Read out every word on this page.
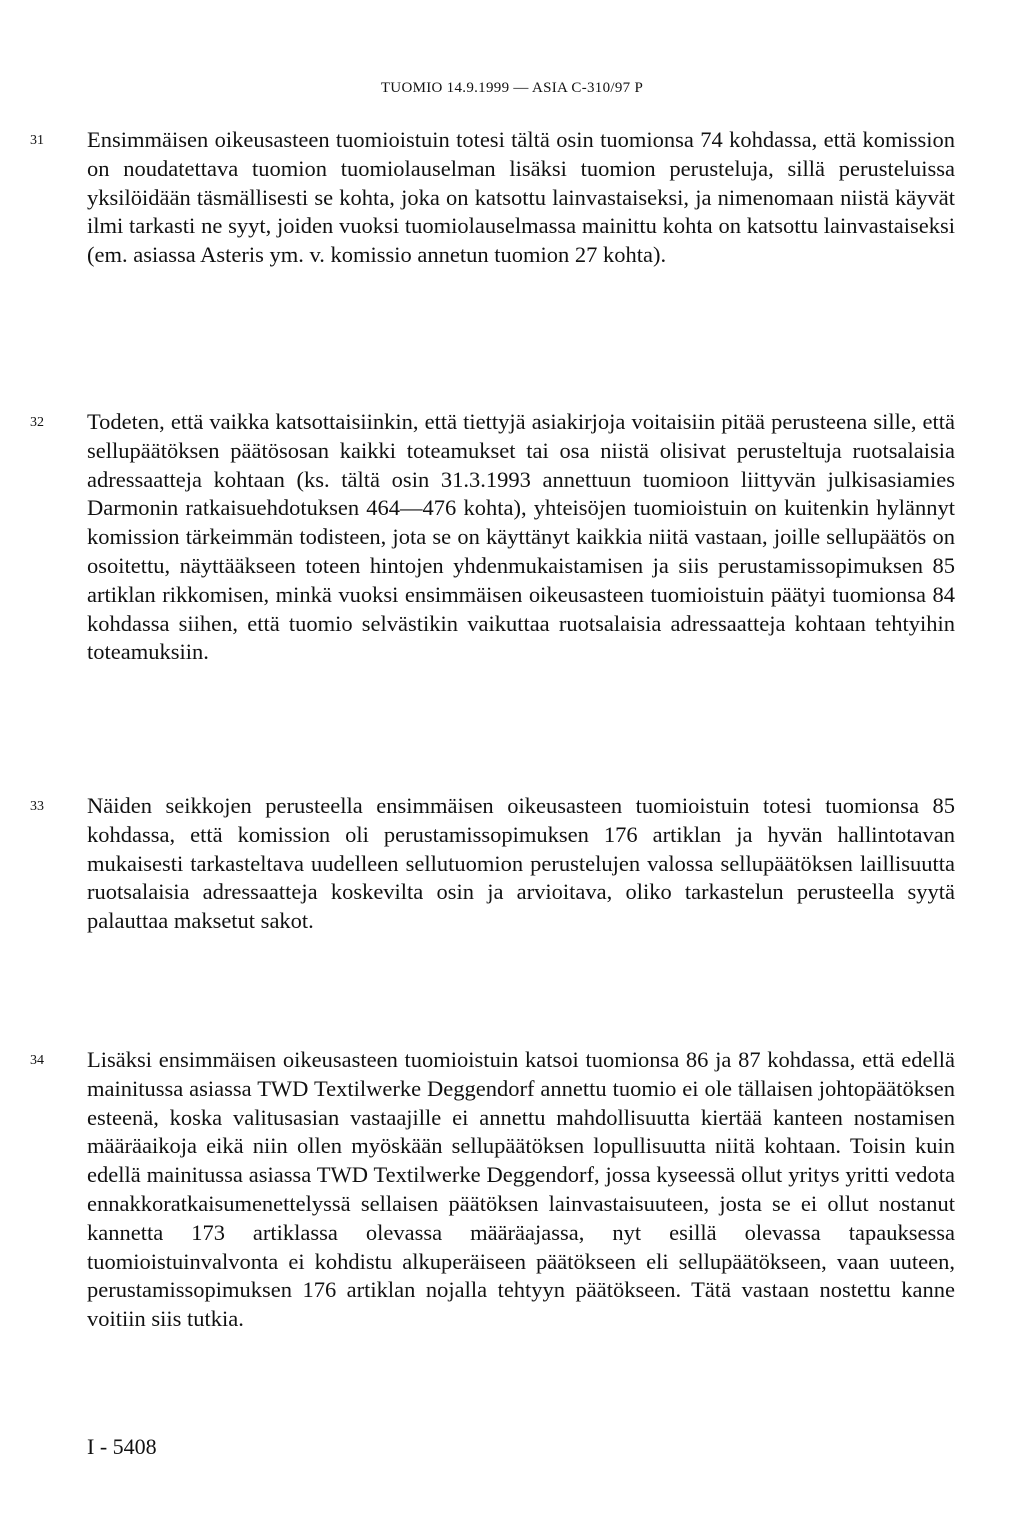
TUOMIO 14.9.1999 — ASIA C-310/97 P
31 Ensimmäisen oikeusasteen tuomioistuin totesi tältä osin tuomionsa 74 kohdassa, että komission on noudatettava tuomion tuomiolauselman lisäksi tuomion perusteluja, sillä perusteluissa yksilöidään täsmällisesti se kohta, joka on katsottu lainvastaiseksi, ja nimenomaan niistä käyvät ilmi tarkasti ne syyt, joiden vuoksi tuomiolauselmassa mainittu kohta on katsottu lainvastaiseksi (em. asiassa Asteris ym. v. komissio annetun tuomion 27 kohta).
32 Todeten, että vaikka katsottaisiinkin, että tiettyjä asiakirjoja voitaisiin pitää perusteena sille, että sellupäätöksen päätösosan kaikki toteamukset tai osa niistä olisivat perusteltuja ruotsalaisia adressaatteja kohtaan (ks. tältä osin 31.3.1993 annettuun tuomioon liittyvän julkisasiamies Darmonin ratkaisuehdotuksen 464—476 kohta), yhteisöjen tuomioistuin on kuitenkin hylännyt komission tärkeimmän todisteen, jota se on käyttänyt kaikkia niitä vastaan, joille sellupäätös on osoitettu, näyttääkseen toteen hintojen yhdenmukaistamisen ja siis perustamissopimuksen 85 artiklan rikkomisen, minkä vuoksi ensimmäisen oikeusasteen tuomioistuin päätyi tuomionsa 84 kohdassa siihen, että tuomio selvästikin vaikuttaa ruotsalaisia adressaatteja kohtaan tehtyihin toteamuksiin.
33 Näiden seikkojen perusteella ensimmäisen oikeusasteen tuomioistuin totesi tuomionsa 85 kohdassa, että komission oli perustamissopimuksen 176 artiklan ja hyvän hallintotavan mukaisesti tarkasteltava uudelleen sellutuomion perustelujen valossa sellupäätöksen laillisuutta ruotsalaisia adressaatteja koskevilta osin ja arvioitava, oliko tarkastelun perusteella syytä palauttaa maksetut sakot.
34 Lisäksi ensimmäisen oikeusasteen tuomioistuin katsoi tuomionsa 86 ja 87 kohdassa, että edellä mainitussa asiassa TWD Textilwerke Deggendorf annettu tuomio ei ole tällaisen johtopäätöksen esteenä, koska valitusasian vastaajille ei annettu mahdollisuutta kiertää kanteen nostamisen määräaikoja eikä niin ollen myöskään sellupäätöksen lopullisuutta niitä kohtaan. Toisin kuin edellä mainitussa asiassa TWD Textilwerke Deggendorf, jossa kyseessä ollut yritys yritti vedota ennakkoratkaisumenettelyssä sellaisen päätöksen lainvastaisuuteen, josta se ei ollut nostanut kannetta 173 artiklassa olevassa määräajassa, nyt esillä olevassa tapauksessa tuomioistuinvalvonta ei kohdistu alkuperäiseen päätökseen eli sellupäätökseen, vaan uuteen, perustamissopimuksen 176 artiklan nojalla tehtyyn päätökseen. Tätä vastaan nostettu kanne voitiin siis tutkia.
I - 5408
